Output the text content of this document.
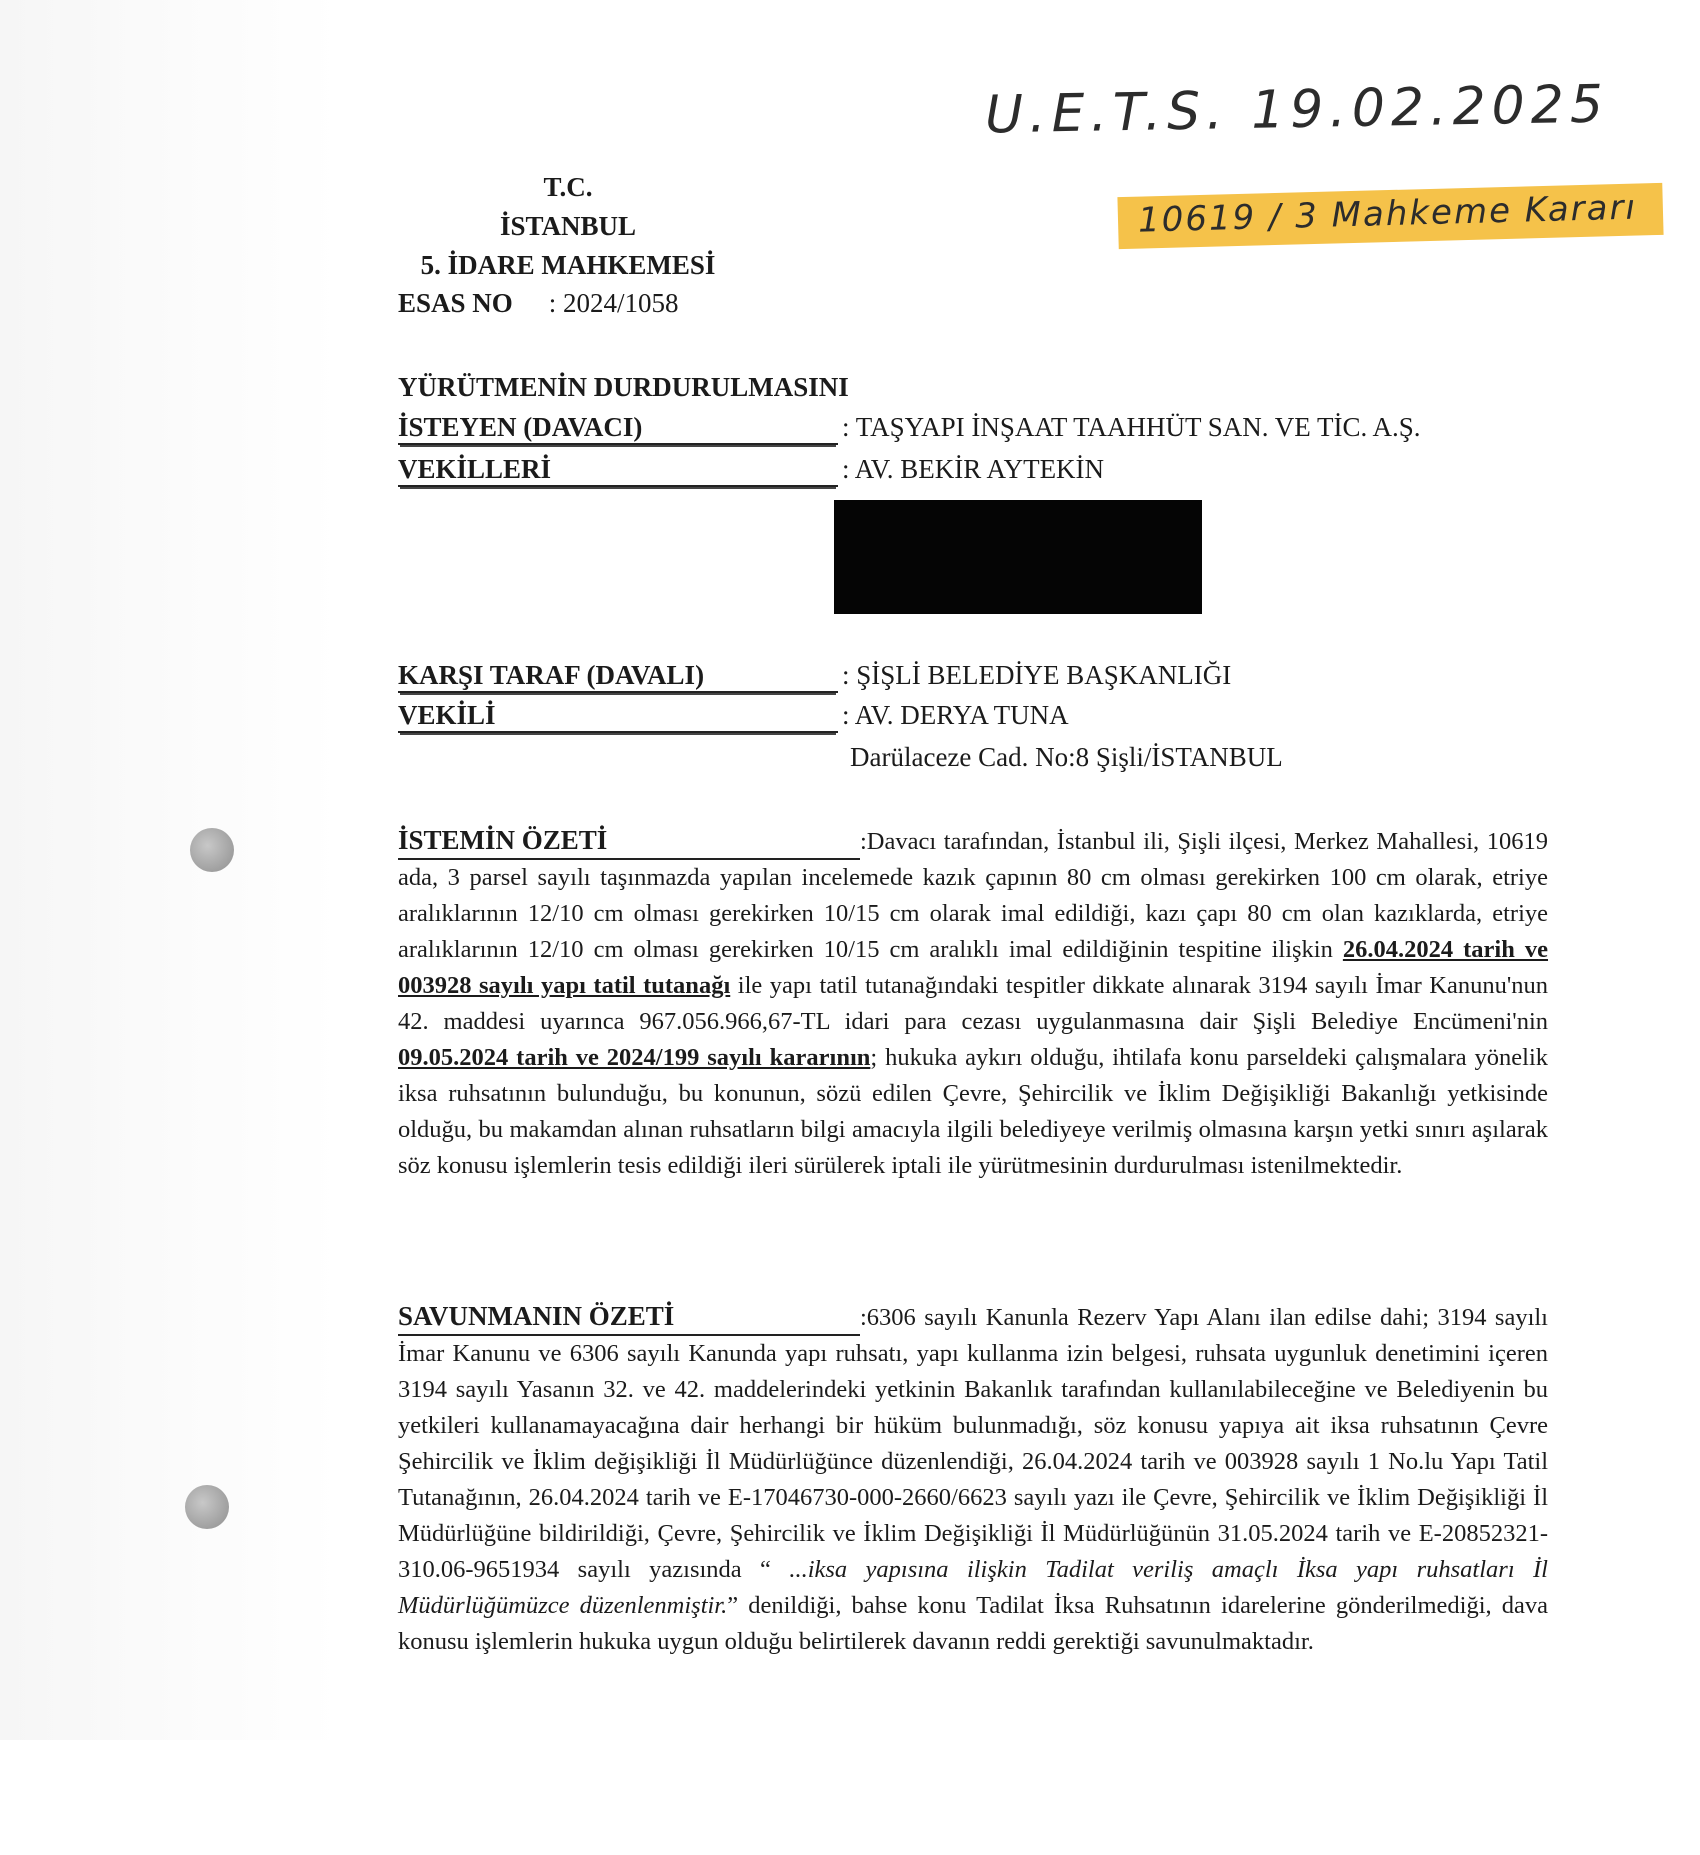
U.E.T.S. 19.02.2025
10619 / 3 Mahkeme Kararı
T.C.
İSTANBUL
5. İDARE MAHKEMESİ
ESAS NO : 2024/1058
YÜRÜTMENİN DURDURULMASINI
İSTEYEN (DAVACI)	: TAŞYAPI İNŞAAT TAAHHÜT SAN. VE TİC. A.Ş.
VEKİLLERİ	: AV. BEKİR AYTEKİN
KARŞI TARAF (DAVALI)	: ŞİŞLİ BELEDİYE BAŞKANLIĞI
VEKİLİ	: AV. DERYA TUNA
Darülaceze Cad. No:8 Şişli/İSTANBUL
İSTEMİN ÖZETİ	:Davacı tarafından, İstanbul ili, Şişli ilçesi, Merkez Mahallesi, 10619 ada, 3 parsel sayılı taşınmazda yapılan incelemede kazık çapının 80 cm olması gerekirken 100 cm olarak, etriye aralıklarının 12/10 cm olması gerekirken 10/15 cm olarak imal edildiği, kazı çapı 80 cm olan kazıklarda, etriye aralıklarının 12/10 cm olması gerekirken 10/15 cm aralıklı imal edildiğinin tespitine ilişkin 26.04.2024 tarih ve 003928 sayılı yapı tatil tutanağı ile yapı tatil tutanağındaki tespitler dikkate alınarak 3194 sayılı İmar Kanunu'nun 42. maddesi uyarınca 967.056.966,67-TL idari para cezası uygulanmasına dair Şişli Belediye Encümeni'nin 09.05.2024 tarih ve 2024/199 sayılı kararının; hukuka aykırı olduğu, ihtilafa konu parseldeki çalışmalara yönelik iksa ruhsatının bulunduğu, bu konunun, sözü edilen Çevre, Şehircilik ve İklim Değişikliği Bakanlığı yetkisinde olduğu, bu makamdan alınan ruhsatların bilgi amacıyla ilgili belediyeye verilmiş olmasına karşın yetki sınırı aşılarak söz konusu işlemlerin tesis edildiği ileri sürülerek iptali ile yürütmesinin durdurulması istenilmektedir.
SAVUNMANIN ÖZETİ	:6306 sayılı Kanunla Rezerv Yapı Alanı ilan edilse dahi; 3194 sayılı İmar Kanunu ve 6306 sayılı Kanunda yapı ruhsatı, yapı kullanma izin belgesi, ruhsata uygunluk denetimini içeren 3194 sayılı Yasanın 32. ve 42. maddelerindeki yetkinin Bakanlık tarafından kullanılabileceğine ve Belediyenin bu yetkileri kullanamayacağına dair herhangi bir hüküm bulunmadığı, söz konusu yapıya ait iksa ruhsatının Çevre Şehircilik ve İklim değişikliği İl Müdürlüğünce düzenlendiği, 26.04.2024 tarih ve 003928 sayılı 1 No.lu Yapı Tatil Tutanağının, 26.04.2024 tarih ve E-17046730-000-2660/6623 sayılı yazı ile Çevre, Şehircilik ve İklim Değişikliği İl Müdürlüğüne bildirildiği, Çevre, Şehircilik ve İklim Değişikliği İl Müdürlüğünün 31.05.2024 tarih ve E-20852321-310.06-9651934 sayılı yazısında “ ...iksa yapısına ilişkin Tadilat veriliş amaçlı İksa yapı ruhsatları İl Müdürlüğümüzce düzenlenmiştir.” denildiği, bahse konu Tadilat İksa Ruhsatının idarelerine gönderilmediği, dava konusu işlemlerin hukuka uygun olduğu belirtilerek davanın reddi gerektiği savunulmaktadır.
